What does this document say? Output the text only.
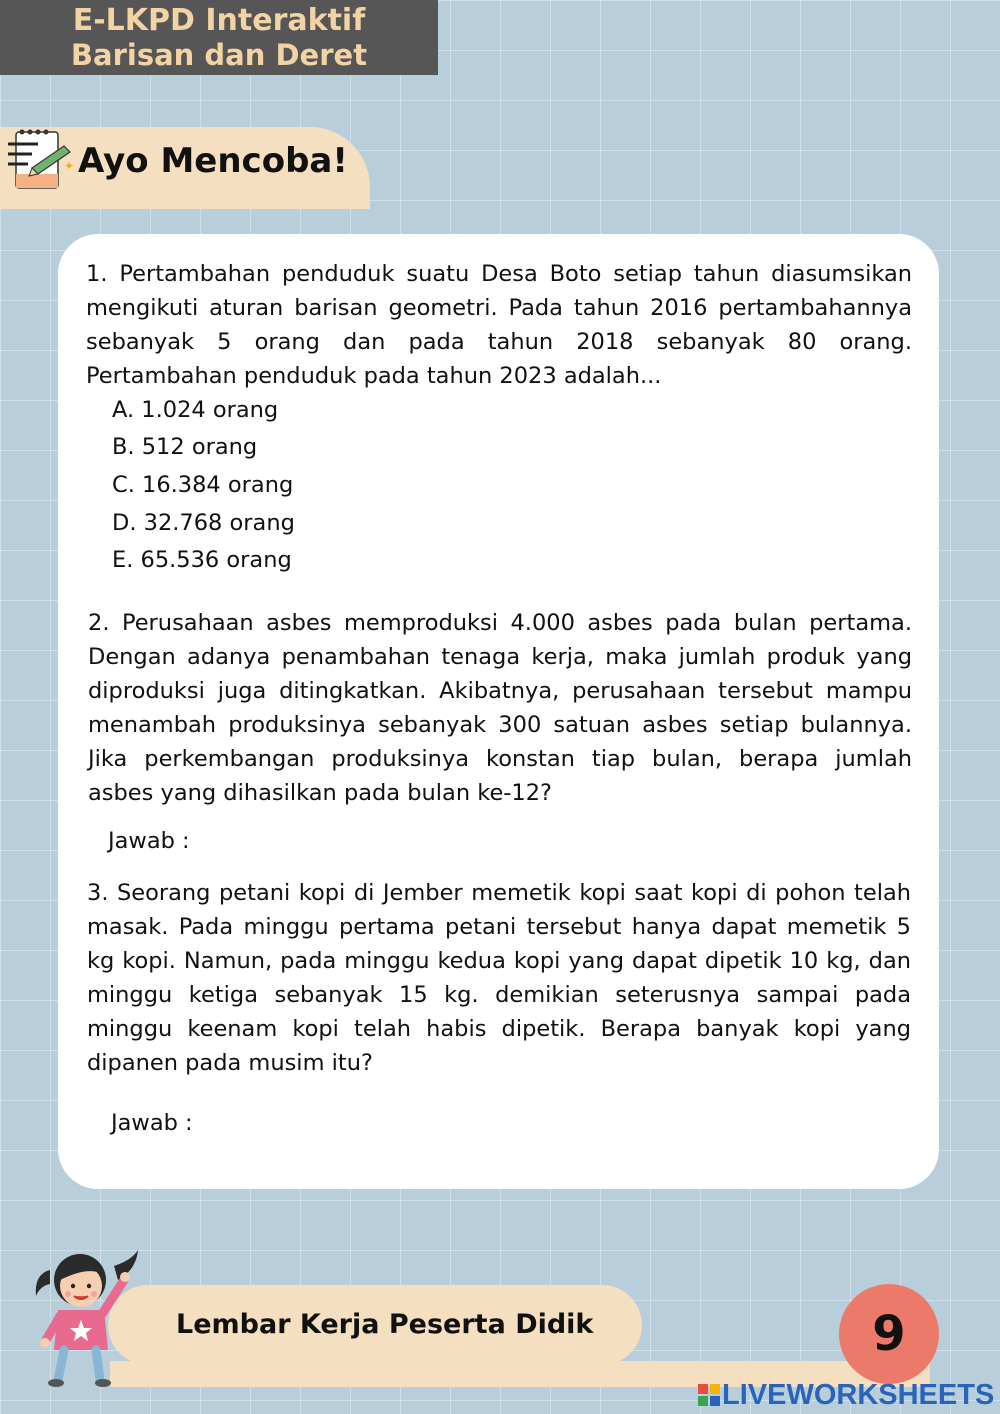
E-LKPD Interaktif
Barisan dan Deret
✦ Ayo Mencoba!
1. Pertambahan penduduk suatu Desa Boto setiap tahun diasumsikan mengikuti aturan barisan geometri. Pada tahun 2016 pertambahannya sebanyak 5 orang dan pada tahun 2018 sebanyak 80 orang. Pertambahan penduduk pada tahun 2023 adalah...
A. 1.024 orang
B. 512 orang
C. 16.384 orang
D. 32.768 orang
E. 65.536 orang
2. Perusahaan asbes memproduksi 4.000 asbes pada bulan pertama. Dengan adanya penambahan tenaga kerja, maka jumlah produk yang diproduksi juga ditingkatkan. Akibatnya, perusahaan tersebut mampu menambah produksinya sebanyak 300 satuan asbes setiap bulannya. Jika perkembangan produksinya konstan tiap bulan, berapa jumlah asbes yang dihasilkan pada bulan ke-12?
Jawab :
3. Seorang petani kopi di Jember memetik kopi saat kopi di pohon telah masak. Pada minggu pertama petani tersebut hanya dapat memetik 5 kg kopi. Namun, pada minggu kedua kopi yang dapat dipetik 10 kg, dan minggu ketiga sebanyak 15 kg. demikian seterusnya sampai pada minggu keenam kopi telah habis dipetik. Berapa banyak kopi yang dipanen pada musim itu?
Jawab :
Lembar Kerja Peserta Didik	9
LIVEWORKSHEETS
